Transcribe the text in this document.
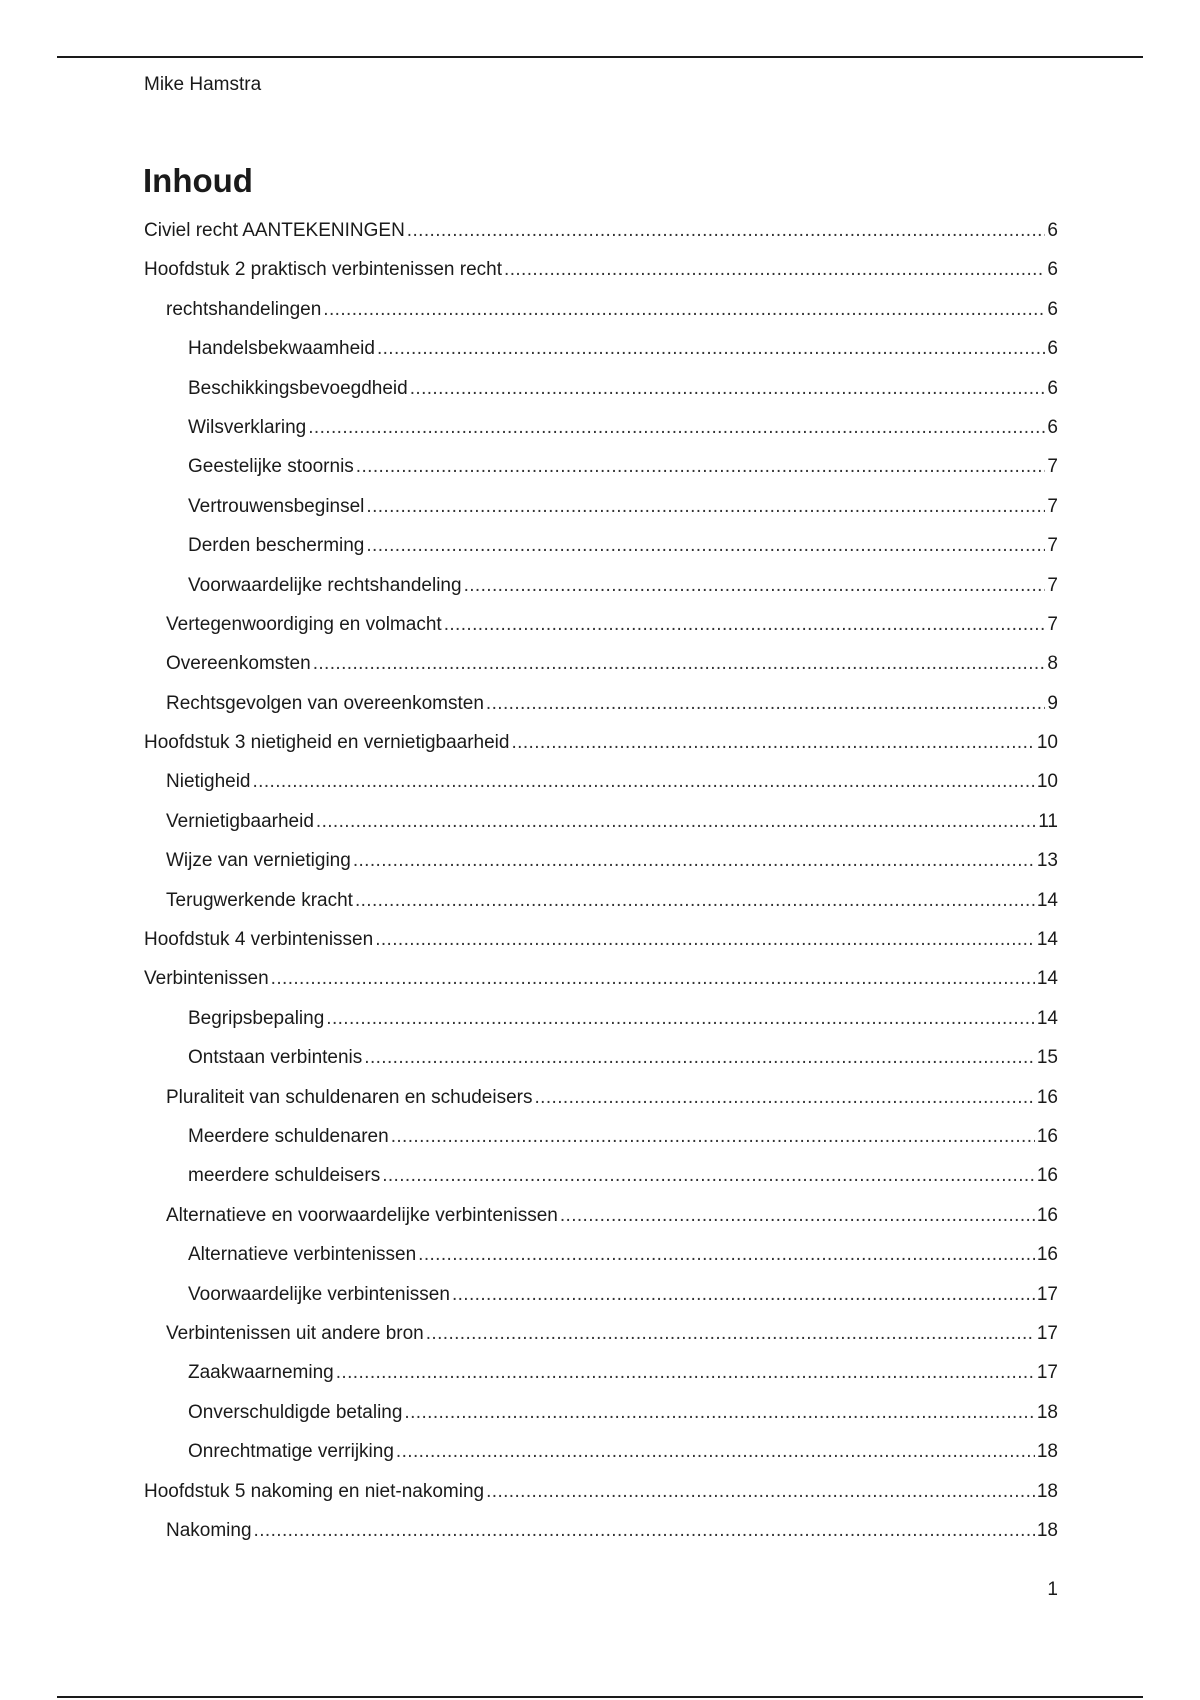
Mike Hamstra
Inhoud
Civiel recht AANTEKENINGEN .....	6
Hoofdstuk 2 praktisch verbintenissen recht .....	6
rechtshandelingen .....	6
Handelsbekwaamheid .....	6
Beschikkingsbevoegdheid .....	6
Wilsverklaring .....	6
Geestelijke stoornis .....	7
Vertrouwensbeginsel .....	7
Derden bescherming .....	7
Voorwaardelijke rechtshandeling .....	7
Vertegenwoordiging en volmacht .....	7
Overeenkomsten .....	8
Rechtsgevolgen van overeenkomsten .....	9
Hoofdstuk 3 nietigheid en vernietigbaarheid .....	10
Nietigheid .....	10
Vernietigbaarheid .....	11
Wijze van vernietiging .....	13
Terugwerkende kracht .....	14
Hoofdstuk 4 verbintenissen .....	14
Verbintenissen .....	14
Begripsbepaling .....	14
Ontstaan verbintenis .....	15
Pluraliteit van schuldenaren en schudeisers .....	16
Meerdere schuldenaren .....	16
meerdere schuldeisers .....	16
Alternatieve en voorwaardelijke verbintenissen .....	16
Alternatieve verbintenissen .....	16
Voorwaardelijke verbintenissen .....	17
Verbintenissen uit andere bron .....	17
Zaakwaarneming .....	17
Onverschuldigde betaling .....	18
Onrechtmatige verrijking .....	18
Hoofdstuk 5 nakoming en niet-nakoming .....	18
Nakoming .....	18
1
